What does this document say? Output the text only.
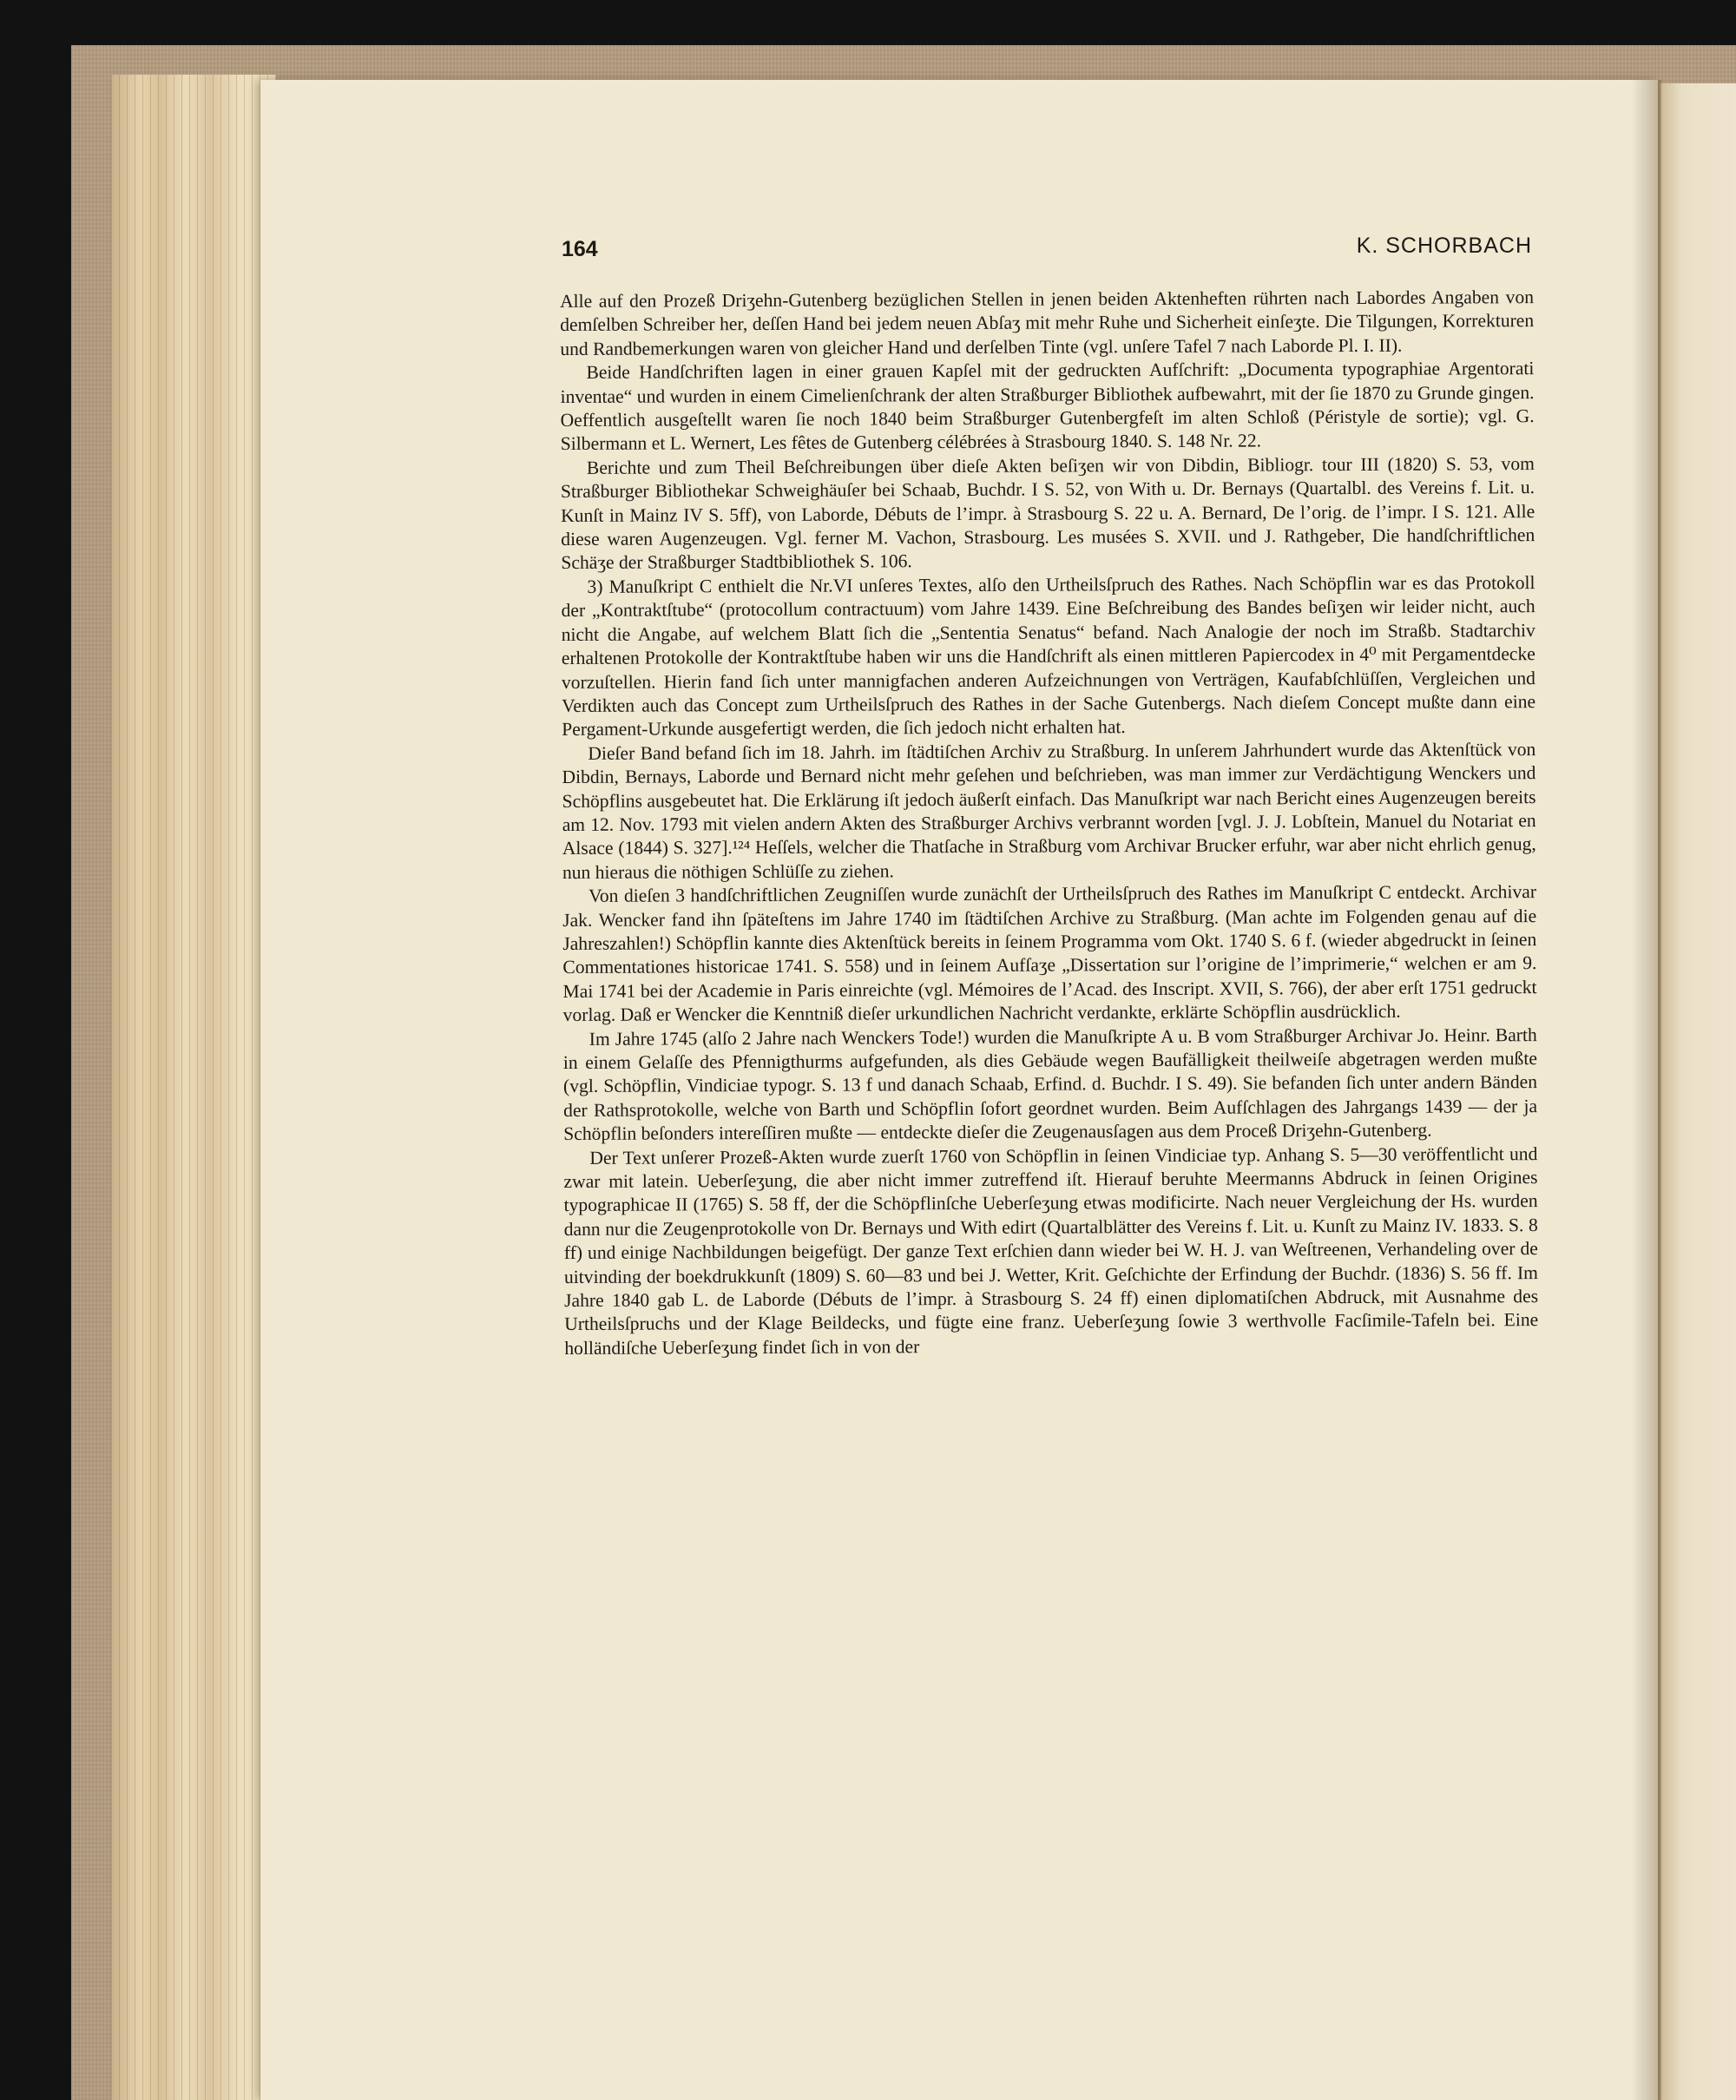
164	K. SCHORBACH

Alle auf den Prozeß Driʒehn-Gutenberg bezüglichen Stellen in jenen beiden Aktenheften rührten nach Labordes Angaben von demſelben Schreiber her, deſſen Hand bei jedem neuen Abſaʒ mit mehr Ruhe und Sicherheit einſeʒte. Die Tilgungen, Korrekturen und Randbemerkungen waren von gleicher Hand und derſelben Tinte (vgl. unſere Tafel 7 nach Laborde Pl. I. II).

Beide Handſchriften lagen in einer grauen Kapſel mit der gedruckten Aufſchrift: „Documenta typographiae Argentorati inventae“ und wurden in einem Cimelienſchrank der alten Straßburger Bibliothek aufbewahrt, mit der ſie 1870 zu Grunde gingen. Oeffentlich ausgeſtellt waren ſie noch 1840 beim Straßburger Gutenbergfeſt im alten Schloß (Péristyle de sortie); vgl. G. Silbermann et L. Wernert, Les fêtes de Gutenberg célébrées à Strasbourg 1840. S. 148 Nr. 22.

Berichte und zum Theil Beſchreibungen über dieſe Akten beſiʒen wir von Dibdin, Bibliogr. tour III (1820) S. 53, vom Straßburger Bibliothekar Schweighäuſer bei Schaab, Buchdr. I S. 52, von With u. Dr. Bernays (Quartalbl. des Vereins f. Lit. u. Kunſt in Mainz IV S. 5ff), von Laborde, Débuts de l’impr. à Strasbourg S. 22 u. A. Bernard, De l’orig. de l’impr. I S. 121. Alle diese waren Augenzeugen. Vgl. ferner M. Vachon, Strasbourg. Les musées S. XVII. und J. Rathgeber, Die handſchriftlichen Schäʒe der Straßburger Stadtbibliothek S. 106.

3) Manuſkript C enthielt die Nr.VI unſeres Textes, alſo den Urtheilsſpruch des Rathes. Nach Schöpflin war es das Protokoll der „Kontraktſtube“ (protocollum contractuum) vom Jahre 1439. Eine Beſchreibung des Bandes beſiʒen wir leider nicht, auch nicht die Angabe, auf welchem Blatt ſich die „Sententia Senatus“ befand. Nach Analogie der noch im Straßb. Stadtarchiv erhaltenen Protokolle der Kontraktſtube haben wir uns die Handſchrift als einen mittleren Papiercodex in 4⁰ mit Pergamentdecke vorzuſtellen. Hierin fand ſich unter mannigfachen anderen Aufzeichnungen von Verträgen, Kaufabſchlüſſen, Vergleichen und Verdikten auch das Concept zum Urtheilsſpruch des Rathes in der Sache Gutenbergs. Nach dieſem Concept mußte dann eine Pergament-Urkunde ausgefertigt werden, die ſich jedoch nicht erhalten hat.

Dieſer Band befand ſich im 18. Jahrh. im ſtädtiſchen Archiv zu Straßburg. In unſerem Jahrhundert wurde das Aktenſtück von Dibdin, Bernays, Laborde und Bernard nicht mehr geſehen und beſchrieben, was man immer zur Verdächtigung Wenckers und Schöpflins ausgebeutet hat. Die Erklärung iſt jedoch äußerſt einfach. Das Manuſkript war nach Bericht eines Augenzeugen bereits am 12. Nov. 1793 mit vielen andern Akten des Straßburger Archivs verbrannt worden [vgl. J. J. Lobſtein, Manuel du Notariat en Alsace (1844) S. 327].¹²⁴ Heſſels, welcher die Thatſache in Straßburg vom Archivar Brucker erfuhr, war aber nicht ehrlich genug, nun hieraus die nöthigen Schlüſſe zu ziehen.

Von dieſen 3 handſchriftlichen Zeugniſſen wurde zunächſt der Urtheilsſpruch des Rathes im Manuſkript C entdeckt. Archivar Jak. Wencker fand ihn ſpäteſtens im Jahre 1740 im ſtädtiſchen Archive zu Straßburg. (Man achte im Folgenden genau auf die Jahreszahlen!) Schöpflin kannte dies Aktenſtück bereits in ſeinem Programma vom Okt. 1740 S. 6 f. (wieder abgedruckt in ſeinen Commentationes historicae 1741. S. 558) und in ſeinem Aufſaʒe „Dissertation sur l’origine de l’imprimerie,“ welchen er am 9. Mai 1741 bei der Academie in Paris einreichte (vgl. Mémoires de l’Acad. des Inscript. XVII, S. 766), der aber erſt 1751 gedruckt vorlag. Daß er Wencker die Kenntniß dieſer urkundlichen Nachricht verdankte, erklärte Schöpflin ausdrücklich.

Im Jahre 1745 (alſo 2 Jahre nach Wenckers Tode!) wurden die Manuſkripte A u. B vom Straßburger Archivar Jo. Heinr. Barth in einem Gelaſſe des Pfennigthurms aufgefunden, als dies Gebäude wegen Baufälligkeit theilweiſe abgetragen werden mußte (vgl. Schöpflin, Vindiciae typogr. S. 13 f und danach Schaab, Erfind. d. Buchdr. I S. 49). Sie befanden ſich unter andern Bänden der Rathsprotokolle, welche von Barth und Schöpflin ſofort geordnet wurden. Beim Aufſchlagen des Jahrgangs 1439 — der ja Schöpflin beſonders intereſſiren mußte — entdeckte dieſer die Zeugenausſagen aus dem Proceß Driʒehn-Gutenberg.

Der Text unſerer Prozeß-Akten wurde zuerſt 1760 von Schöpflin in ſeinen Vindiciae typ. Anhang S. 5—30 veröffentlicht und zwar mit latein. Ueberſeʒung, die aber nicht immer zutreffend iſt. Hierauf beruhte Meermanns Abdruck in ſeinen Origines typographicae II (1765) S. 58 ff, der die Schöpflinſche Ueberſeʒung etwas modificirte. Nach neuer Vergleichung der Hs. wurden dann nur die Zeugenprotokolle von Dr. Bernays und With edirt (Quartalblätter des Vereins f. Lit. u. Kunſt zu Mainz IV. 1833. S. 8 ff) und einige Nachbildungen beigefügt. Der ganze Text erſchien dann wieder bei W. H. J. van Weſtreenen, Verhandeling over de uitvinding der boekdrukkunſt (1809) S. 60—83 und bei J. Wetter, Krit. Geſchichte der Erfindung der Buchdr. (1836) S. 56 ff. Im Jahre 1840 gab L. de Laborde (Débuts de l’impr. à Strasbourg S. 24 ff) einen diplomatiſchen Abdruck, mit Ausnahme des Urtheilsſpruchs und der Klage Beildecks, und fügte eine franz. Ueberſeʒung ſowie 3 werthvolle Facſimile-Tafeln bei. Eine holländiſche Ueberſeʒung findet ſich in von der
